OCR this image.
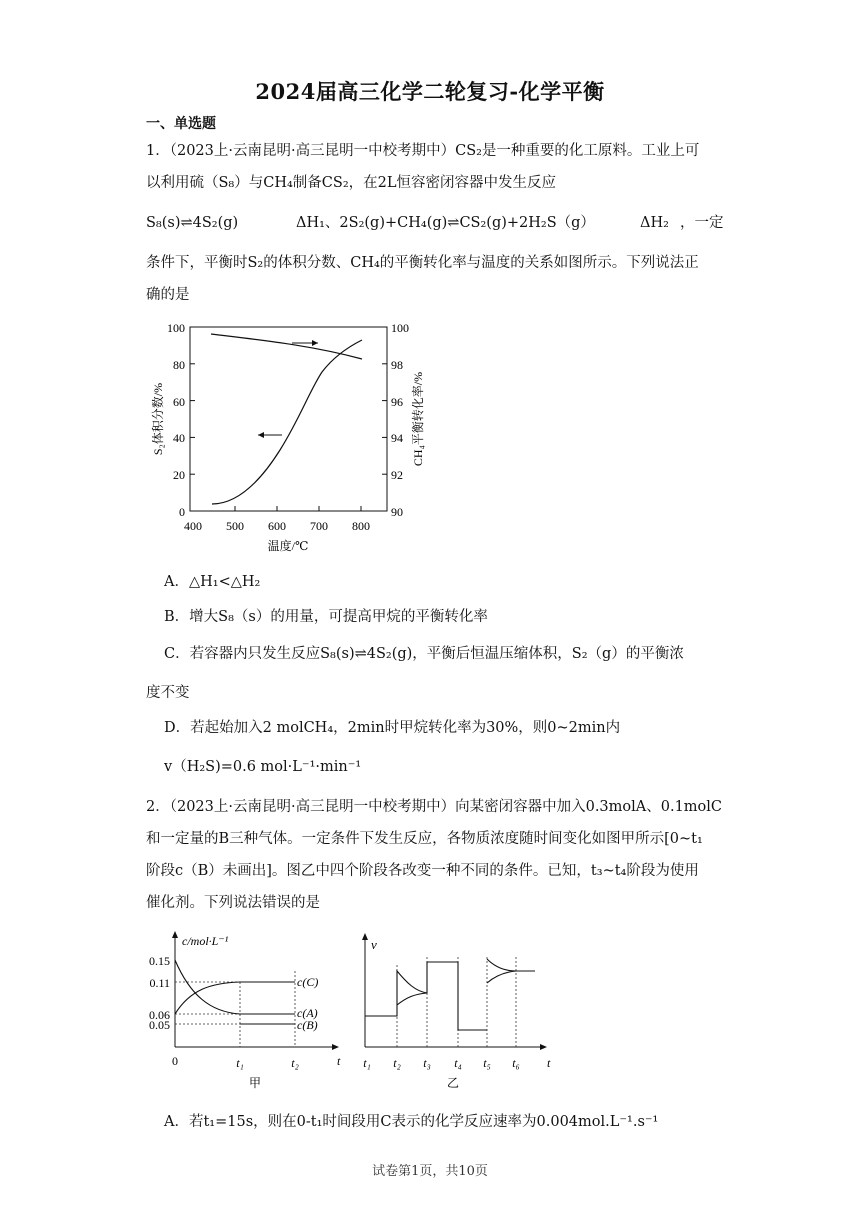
2024届高三化学二轮复习-化学平衡
一、单选题
1．（2023上·云南昆明·高三昆明一中校考期中）CS₂是一种重要的化工原料。工业上可
以利用硫（S₈）与CH₄制备CS₂，在2L恒容密闭容器中发生反应
S₈(s)⇌4S₂(g)	ΔH₁、2S₂(g)+CH₄(g)⇌CS₂(g)+2H₂S（g）	ΔH₂ ，一定
条件下，平衡时S₂的体积分数、CH₄的平衡转化率与温度的关系如图所示。下列说法正
确的是
100
80
60
40
20
0
100
98
96
94
92
90
400 500 600 700 800
温度/℃
S₂体积分数/%	CH₄平衡转化率/%
A．△H₁<△H₂
B．增大S₈（s）的用量，可提高甲烷的平衡转化率
C．若容器内只发生反应S₈(s)⇌4S₂(g)，平衡后恒温压缩体积，S₂（g）的平衡浓
度不变
D．若起始加入2 molCH₄，2min时甲烷转化率为30%，则0~2min内
v（H₂S)=0.6 mol·L⁻¹·min⁻¹
2．（2023上·云南昆明·高三昆明一中校考期中）向某密闭容器中加入0.3molA、0.1molC
和一定量的B三种气体。一定条件下发生反应，各物质浓度随时间变化如图甲所示[0~t₁
阶段c（B）未画出]。图乙中四个阶段各改变一种不同的条件。已知，t₃~t₄阶段为使用
催化剂。下列说法错误的是
c/mol·L⁻¹
0.15
0.11
0.06
0.05
0	t₁	t₂	t
甲
c(C)
c(A)
c(B)
v
t₁ t₂ t₃ t₄ t₅ t₆ t
乙
A．若t₁=15s，则在0-t₁时间段用C表示的化学反应速率为0.004mol.L⁻¹.s⁻¹
试卷第1页，共10页
